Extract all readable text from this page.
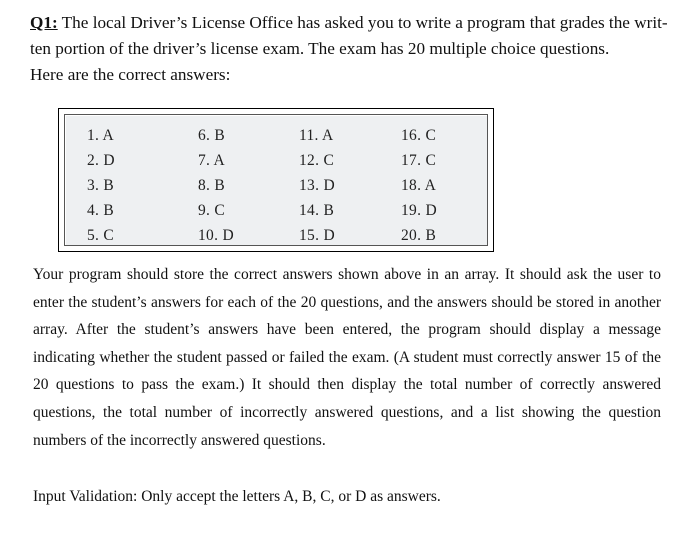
Q1: The local Driver’s License Office has asked you to write a program that grades the writ-
ten portion of the driver’s license exam. The exam has 20 multiple choice questions.
Here are the correct answers:
1. A
2. D
3. B
4. B
5. C
6. B
7. A
8. B
9. C
10. D
11. A
12. C
13. D
14. B
15. D
16. C
17. C
18. A
19. D
20. B
Your program should store the correct answers shown above in an array. It should ask the user to enter the student’s answers for each of the 20 questions, and the answers should be stored in another array. After the student’s answers have been entered, the program should display a message indicating whether the student passed or failed the exam. (A student must correctly answer 15 of the 20 questions to pass the exam.) It should then display the total number of correctly answered questions, the total number of incorrectly answered questions, and a list showing the question numbers of the incorrectly answered questions.
Input Validation: Only accept the letters A, B, C, or D as answers.
